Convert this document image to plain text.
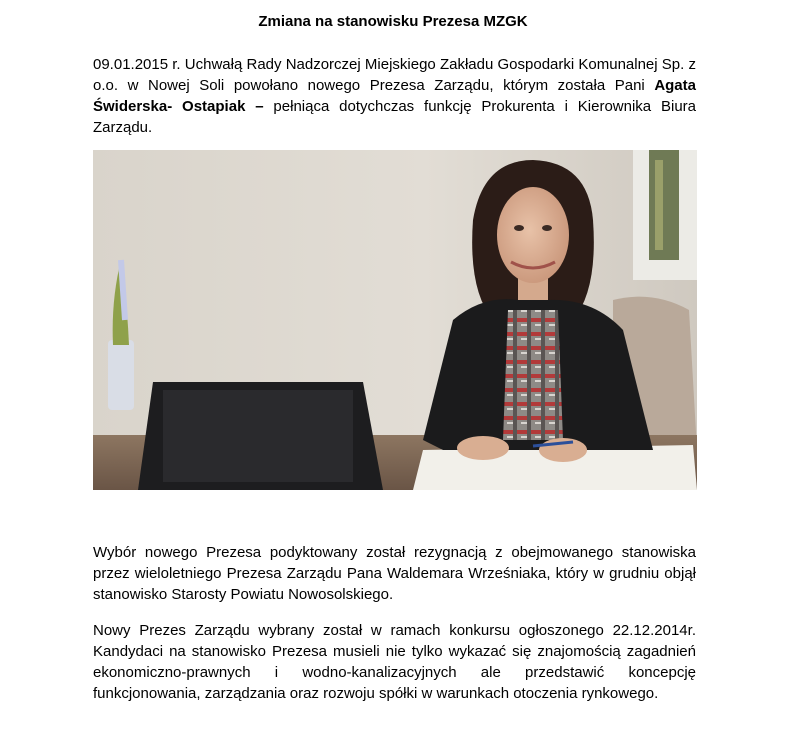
Zmiana na stanowisku Prezesa MZGK

09.01.2015 r. Uchwałą Rady Nadzorczej Miejskiego Zakładu Gospodarki Komunalnej Sp. z o.o. w Nowej Soli powołano nowego Prezesa Zarządu, którym została Pani Agata Świderska- Ostapiak – pełniąca dotychczas funkcję Prokurenta i Kierownika Biura Zarządu.

Wybór nowego Prezesa podyktowany został rezygnacją z obejmowanego stanowiska przez wieloletniego Prezesa Zarządu Pana Waldemara Wrześniaka, który w grudniu objął stanowisko Starosty Powiatu Nowosolskiego.

Nowy Prezes Zarządu wybrany został w ramach konkursu ogłoszonego 22.12.2014r. Kandydaci na stanowisko Prezesa musieli nie tylko wykazać się znajomością zagadnień ekonomiczno-prawnych i wodno-kanalizacyjnych ale przedstawić koncepcję funkcjonowania, zarządzania oraz rozwoju spółki w warunkach otoczenia rynkowego.
